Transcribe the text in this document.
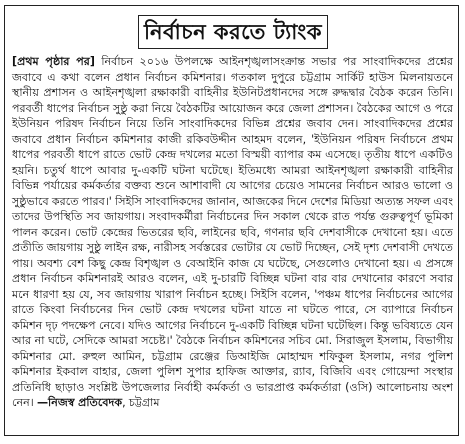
নির্বাচন করতে ট্যাংক

[প্রথম পৃষ্ঠার পর] নির্বাচন ২০১৬ উপলক্ষে আইনশৃঙ্খলাসংক্রান্ত সভার পর সাংবাদিকদের প্রশ্নের জবাবে এ কথা বলেন প্রধান নির্বাচন কমিশনার। গতকাল দুপুরে চট্টগ্রাম সার্কিট হাউস মিলনায়তনে স্থানীয় প্রশাসন ও আইনশৃঙ্খলা রক্ষাকারী বাহিনীর ইউনিটপ্রধানদের সঙ্গে রুদ্ধদ্বার বৈঠক করেন তিনি। পরবর্তী ধাপের নির্বাচন সুষ্ঠু করা নিয়ে বৈঠকটির আয়োজন করে জেলা প্রশাসন। বৈঠকের আগে ও পরে ইউনিয়ন পরিষদ নির্বাচন নিয়ে তিনি সাংবাদিকদের বিভিন্ন প্রশ্নের জবাব দেন। সাংবাদিকদের প্রশ্নের জবাবে প্রধান নির্বাচন কমিশনার কাজী রকিবউদ্দীন আহমদ বলেন, 'ইউনিয়ন পরিষদ নির্বাচনে প্রথম ধাপের পরবর্তী ধাপে রাতে ভোট কেন্দ্র দখলের মতো বিস্ময়ী ব্যাপার কম এসেছে। তৃতীয় ধাপে একটিও হয়নি। চতুর্থ ধাপে আবার দু-একটি ঘটনা ঘটেছে। ইতিমধ্যে আমরা আইনশৃঙ্খলা রক্ষাকারী বাহিনীর বিভিন্ন পর্যায়ের কর্মকর্তার বক্তব্য শুনে আশাবাদী যে আগের চেয়েও সামনের নির্বাচন আরও ভালো ও সুষ্ঠুভাবে করতে পারব।' সিইসি সাংবাদিকদের জানান, আজকের দিনে দেশের মিডিয়া অত্যন্ত সফল এবং তাদের উপস্থিতি সব জায়গায়। সংবাদকর্মীরা নির্বাচনের দিন সকাল থেকে রাত পর্যন্ত গুরুত্বপূর্ণ ভূমিকা পালন করেন। ভোট কেন্দ্রের ভিতরের ছবি, লাইনের ছবি, গণনার ছবি দেশবাসীকে দেখানো হয়। এতে প্রতীতি জায়গায় সুষ্ঠু লাইন রক্ষ, নারীসহ সর্বস্তরের ভোটার যে ভোট দিচ্ছেন, সেই দৃশ্য দেশবাসী দেখতে পায়। অবশ্য বেশ কিছু কেন্দ্র বিশৃঙ্খল ও বেআইনি কাজ যে ঘটেছে, সেগুলোও দেখানো হয়। এ প্রসঙ্গে প্রধান নির্বাচন কমিশনারই আরও বলেন, এই দু-চারটি বিচ্ছিন্ন ঘটনা বার বার দেখানোর কারণে সবার মনে ধারণা হয় যে, সব জায়গায় খারাপ নির্বাচন হচ্ছে। সিইসি বলেন, 'পঞ্চম ধাপের নির্বাচনের আগের রাতে কিংবা নির্বাচনের দিন ভোট কেন্দ্র দখলের ঘটনা যাতে না ঘটতে পারে, সে ব্যাপারে নির্বাচন কমিশন দৃঢ় পদক্ষেপ নেবে। যদিও আগের নির্বাচনে দু-একটি বিচ্ছিন্ন ঘটনা ঘটেছিল। কিন্তু ভবিষ্যতে যেন আর না ঘটে, সেদিকে আমরা সচেষ্ট।' বৈঠকে নির্বাচন কমিশনের সচিব মো. সিরাজুল ইসলাম, বিভাগীয় কমিশনার মো. রুহুল আমিন, চট্টগ্রাম রেঞ্জের ডিআইজি মোহাম্মদ শফিকুল ইসলাম, নগর পুলিশ কমিশনার ইকবাল বাহার, জেলা পুলিশ সুপার হাফিজ আক্তার, র‍্যাব, বিজিবি এবং গোয়েন্দা সংস্থার প্রতিনিধি ছাড়াও সংশ্লিষ্ট উপজেলার নির্বাহী কর্মকর্তা ও ভারপ্রাপ্ত কর্মকর্তারা (ওসি) আলোচনায় অংশ নেন। —নিজস্ব প্রতিবেদক, চট্টগ্রাম
